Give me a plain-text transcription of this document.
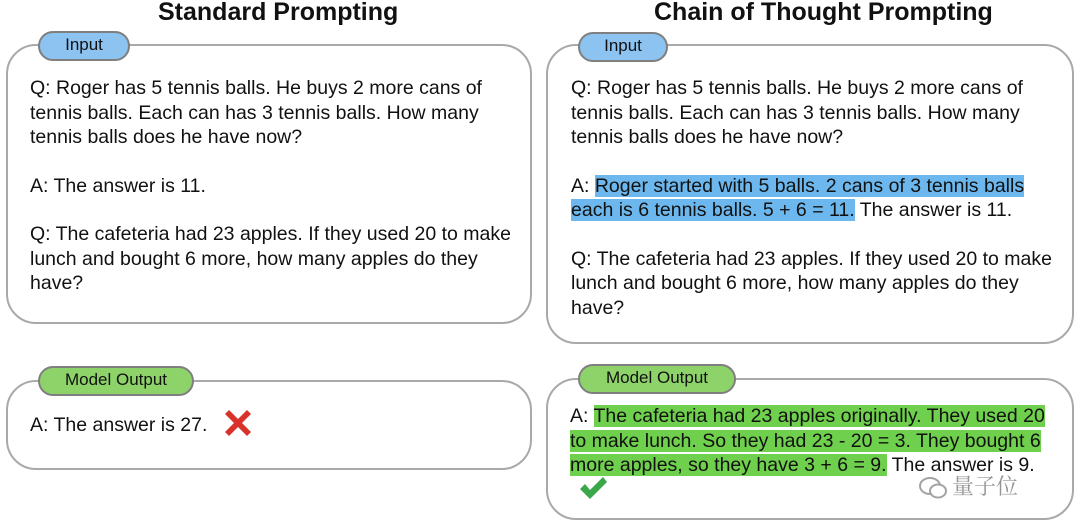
Standard Prompting	Chain of Thought Prompting
Input

Q: Roger has 5 tennis balls. He buys 2 more cans of tennis balls. Each can has 3 tennis balls. How many tennis balls does he have now?

A: The answer is 11.

Q: The cafeteria had 23 apples. If they used 20 to make lunch and bought 6 more, how many apples do they have?

Model Output
A: The answer is 27.
Input

Q: Roger has 5 tennis balls. He buys 2 more cans of tennis balls. Each can has 3 tennis balls. How many tennis balls does he have now?

A: Roger started with 5 balls. 2 cans of 3 tennis balls each is 6 tennis balls. 5 + 6 = 11. The answer is 11.

Q: The cafeteria had 23 apples. If they used 20 to make lunch and bought 6 more, how many apples do they have?

Model Output
A: The cafeteria had 23 apples originally. They used 20 to make lunch. So they had 23 - 20 = 3. They bought 6 more apples, so they have 3 + 6 = 9. The answer is 9.
量子位
